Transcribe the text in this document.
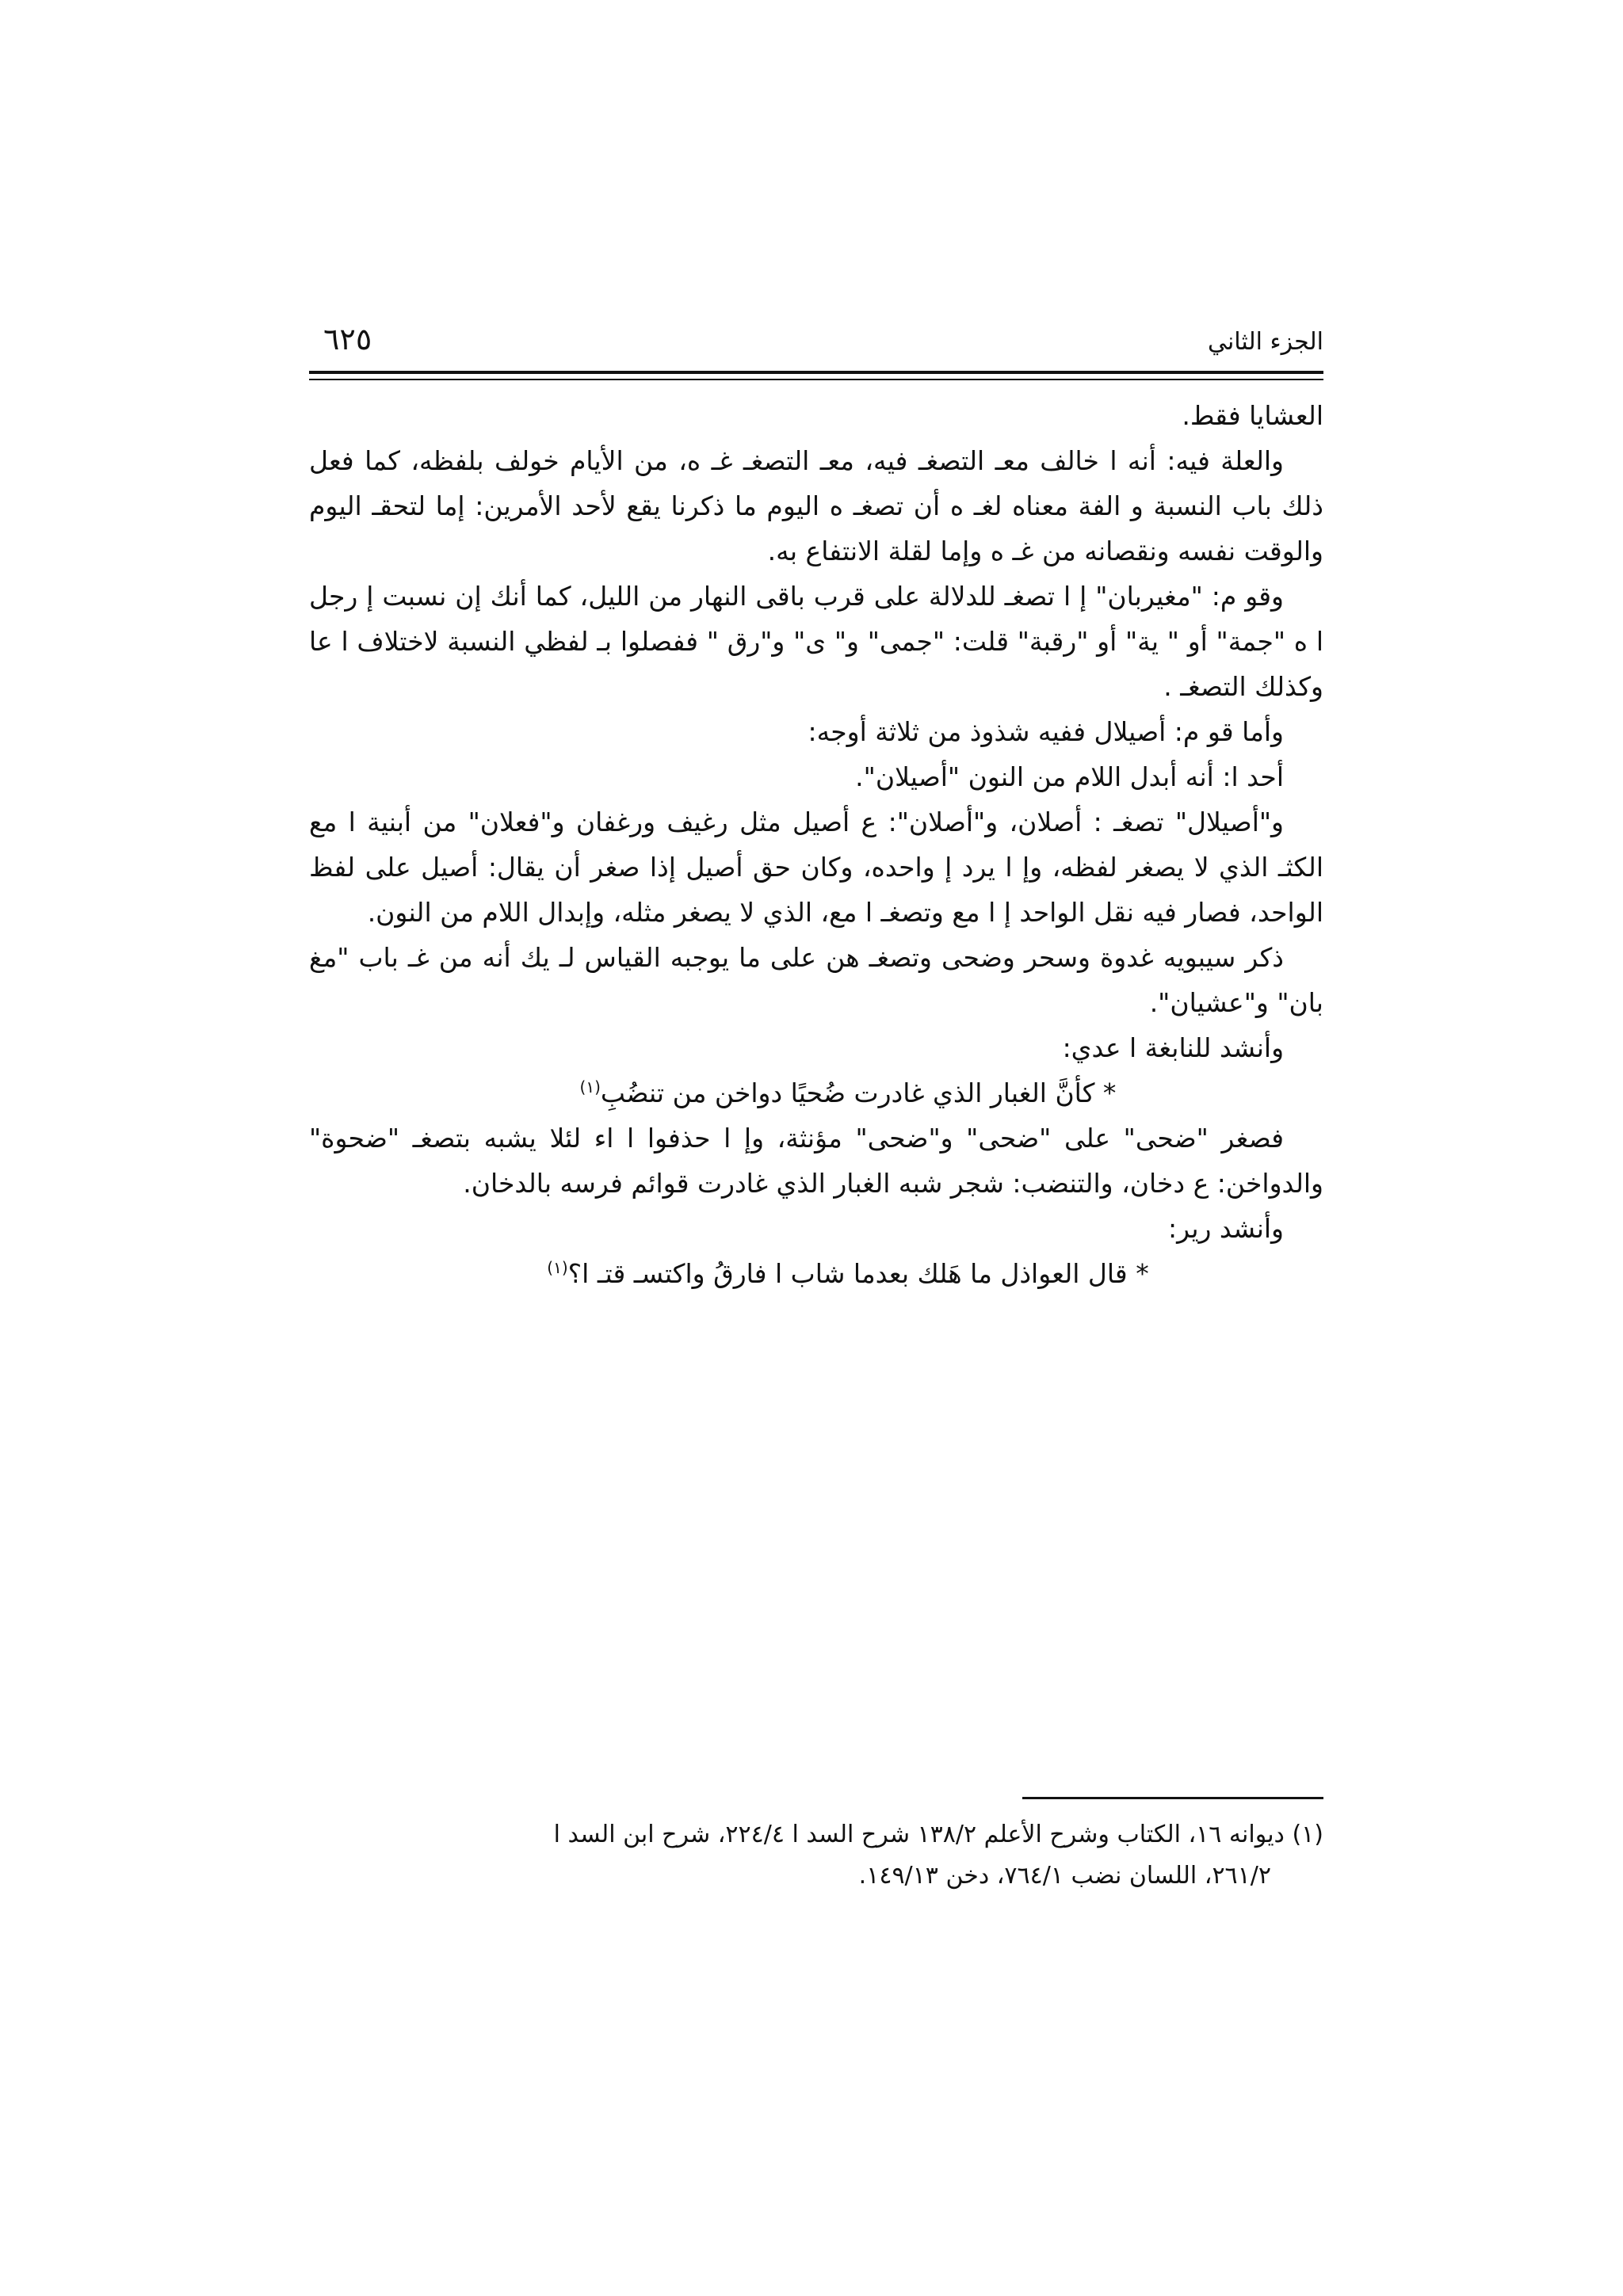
الجزء الثاني
٦٢٥

العشايا فقط.

والعلة فيه: أنه ا خالف معـ التصغـ فيه، معـ التصغـ غـ ه، من الأيام خولف بلفظه، كما فعل ذلك باب النسبة و الفة معناه لغـ ه أن تصغـ ه اليوم ما ذكرنا يقع لأحد الأمرين: إما لتحقـ اليوم والوقت نفسه ونقصانه من غـ ه وإما لقلة الانتفاع به.

وقو م: "مغيربان" إ ا تصغـ للدلالة على قرب باقى النهار من الليل، كما أنك إن نسبت إ رجل ا ه "جمة" أو " ية" أو "رقبة" قلت: "جمى" و" ى" و"رق " ففصلوا بـ لفظي النسبة لاختلاف ا عا وكذلك التصغـ .

وأما قو م: أصيلال ففيه شذوذ من ثلاثة أوجه:

أحد ا: أنه أبدل اللام من النون "أصيلان".

و"أصيلال" تصغـ : أصلان، و"أصلان": ع أصيل مثل رغيف ورغفان و"فعلان" من أبنية ا مع الكثـ الذي لا يصغر لفظه، وإ ا يرد إ واحده، وكان حق أصيل إذا صغر أن يقال: أصيل على لفظ الواحد، فصار فيه نقل الواحد إ ا مع وتصغـ ا مع، الذي لا يصغر مثله، وإبدال اللام من النون.

ذكر سيبويه غدوة وسحر وضحى وتصغـ هن على ما يوجبه القياس لـ يك أنه من غـ باب "مغ بان" و"عشيان".

وأنشد للنابغة ا عدي:

* كأنَّ الغبار الذي غادرت ضُحيًا دواخن من تنضُبِ$^{(١)}$

فصغر "ضحى" على "ضحى" و"ضحى" مؤنثة، وإ ا حذفوا ا اء لئلا يشبه بتصغـ "ضحوة" والدواخن: ع دخان، والتنضب: شجر شبه الغبار الذي غادرت قوائم فرسه بالدخان.

وأنشد رير:

* قال العواذل ما هَلك بعدما شاب ا فارقُ واكتسـ قتـ ا؟$^{(١)}$

(١) ديوانه ١٦، الكتاب وشرح الأعلم ١٣٨/٢ شرح السد ا ٢٢٤/٤، شرح ابن السد ا

٢٦١/٢، اللسان نضب ٧٦٤/١، دخن ١٤٩/١٣.
